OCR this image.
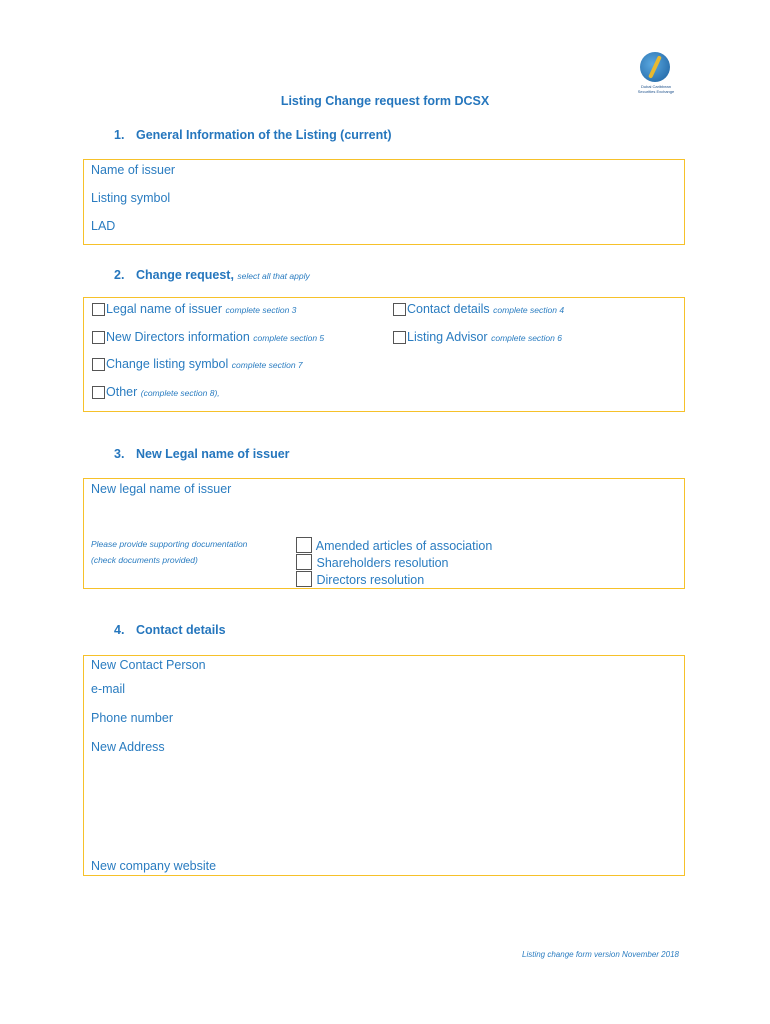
Dubai Caribbean Securities Exchange
Listing Change request form DCSX
1. General Information of the Listing (current)
Name of issuer
Listing symbol
LAD
2. Change request, select all that apply
Legal name of issuer complete section 3	Contact details complete section 4
New Directors information complete section 5	Listing Advisor complete section 6
Change listing symbol complete section 7
Other (complete section 8),
3. New Legal name of issuer
New legal name of issuer
Please provide supporting documentation
(check documents provided)
Amended articles of association
Shareholders resolution
Directors resolution
4. Contact details
New Contact Person
e-mail
Phone number
New Address
New company website
Listing change form version November 2018
